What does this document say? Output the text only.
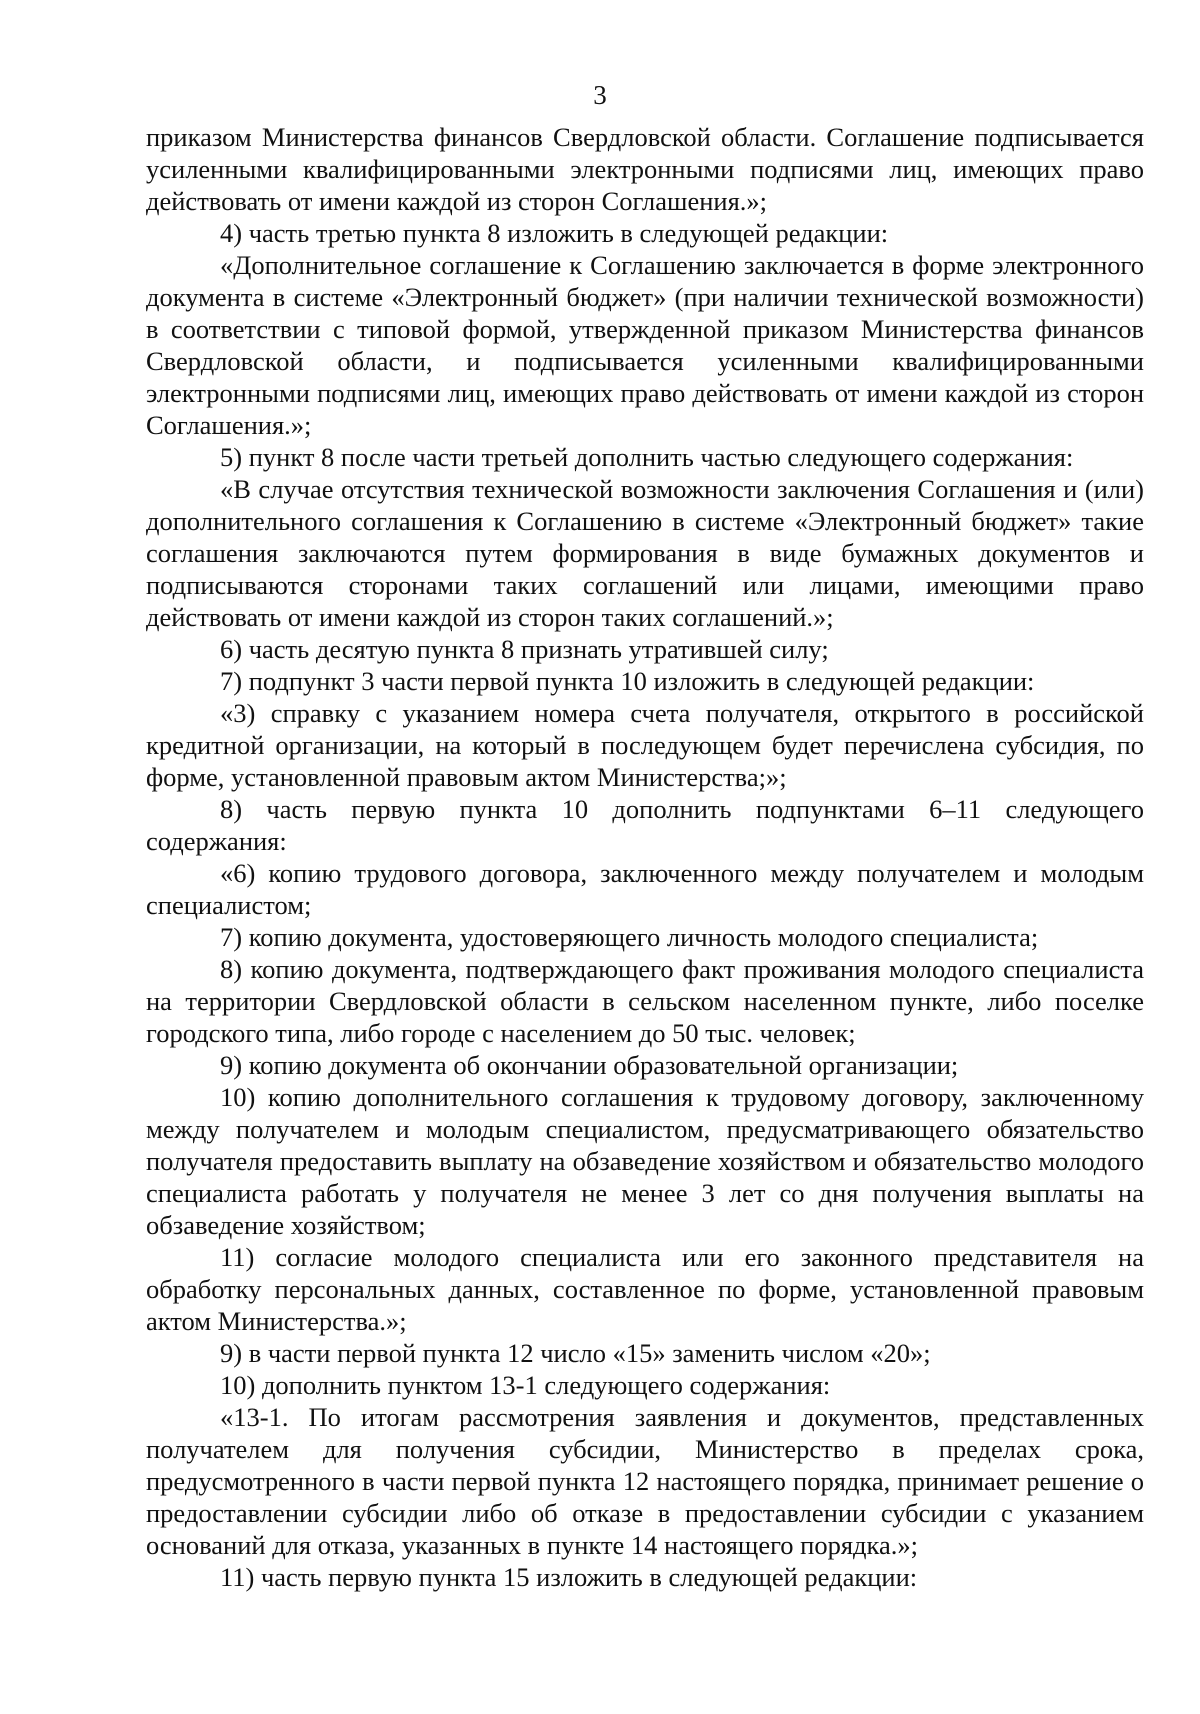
3

приказом Министерства финансов Свердловской области. Соглашение подписывается усиленными квалифицированными электронными подписями лиц, имеющих право действовать от имени каждой из сторон Соглашения.»;

4) часть третью пункта 8 изложить в следующей редакции:

«Дополнительное соглашение к Соглашению заключается в форме электронного документа в системе «Электронный бюджет» (при наличии технической возможности) в соответствии с типовой формой, утвержденной приказом Министерства финансов Свердловской области, и подписывается усиленными квалифицированными электронными подписями лиц, имеющих право действовать от имени каждой из сторон Соглашения.»;

5) пункт 8 после части третьей дополнить частью следующего содержания:

«В случае отсутствия технической возможности заключения Соглашения и (или) дополнительного соглашения к Соглашению в системе «Электронный бюджет» такие соглашения заключаются путем формирования в виде бумажных документов и подписываются сторонами таких соглашений или лицами, имеющими право действовать от имени каждой из сторон таких соглашений.»;

6) часть десятую пункта 8 признать утратившей силу;

7) подпункт 3 части первой пункта 10 изложить в следующей редакции:

«3) справку с указанием номера счета получателя, открытого в российской кредитной организации, на который в последующем будет перечислена субсидия, по форме, установленной правовым актом Министерства;»;

8) часть первую пункта 10 дополнить подпунктами 6–11 следующего содержания:

«6) копию трудового договора, заключенного между получателем и молодым специалистом;

7) копию документа, удостоверяющего личность молодого специалиста;

8) копию документа, подтверждающего факт проживания молодого специалиста на территории Свердловской области в сельском населенном пункте, либо поселке городского типа, либо городе с населением до 50 тыс. человек;

9) копию документа об окончании образовательной организации;

10) копию дополнительного соглашения к трудовому договору, заключенному между получателем и молодым специалистом, предусматривающего обязательство получателя предоставить выплату на обзаведение хозяйством и обязательство молодого специалиста работать у получателя не менее 3 лет со дня получения выплаты на обзаведение хозяйством;

11) согласие молодого специалиста или его законного представителя на обработку персональных данных, составленное по форме, установленной правовым актом Министерства.»;

9) в части первой пункта 12 число «15» заменить числом «20»;

10) дополнить пунктом 13-1 следующего содержания:

«13-1. По итогам рассмотрения заявления и документов, представленных получателем для получения субсидии, Министерство в пределах срока, предусмотренного в части первой пункта 12 настоящего порядка, принимает решение о предоставлении субсидии либо об отказе в предоставлении субсидии с указанием оснований для отказа, указанных в пункте 14 настоящего порядка.»;

11) часть первую пункта 15 изложить в следующей редакции:
